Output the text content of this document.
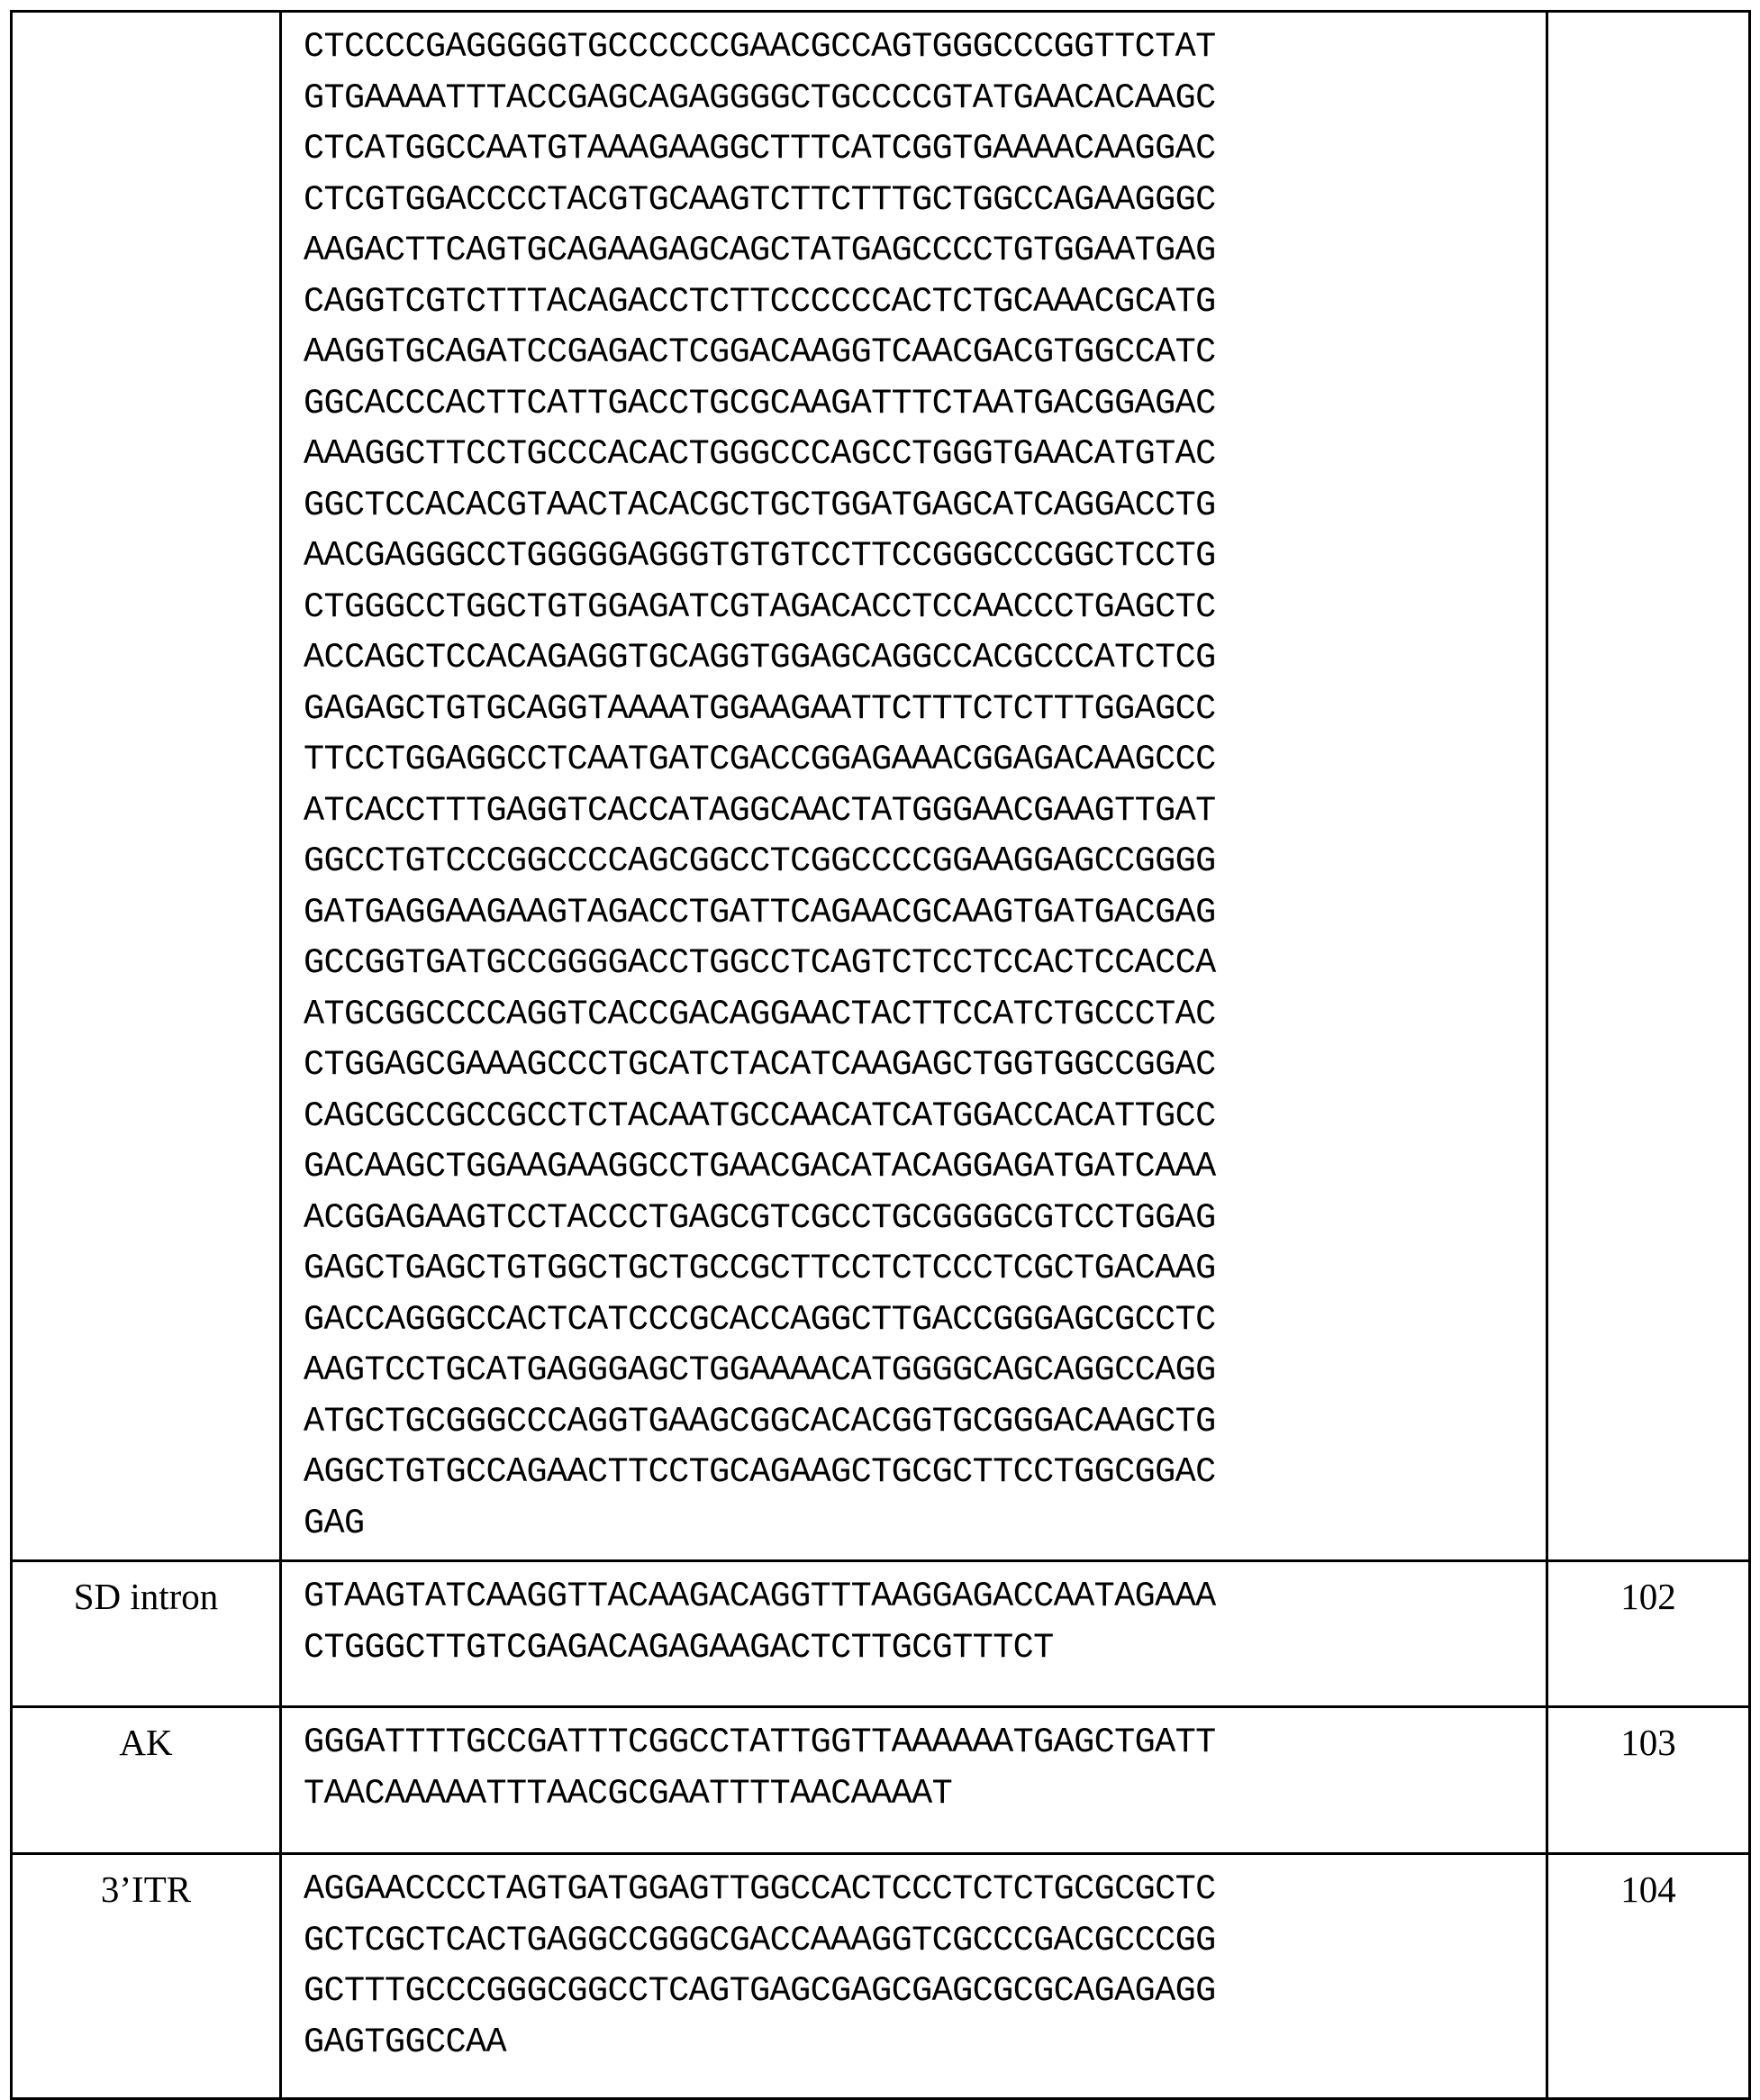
CTCCCCGAGGGGGTGCCCCCCGAACGCCAGTGGGCCCGGTTCTAT
GTGAAAATTTACCGAGCAGAGGGGCTGCCCCGTATGAACACAAGC
CTCATGGCCAATGTAAAGAAGGCTTTCATCGGTGAAAACAAGGAC
CTCGTGGACCCCTACGTGCAAGTCTTCTTTGCTGGCCAGAAGGGC
AAGACTTCAGTGCAGAAGAGCAGCTATGAGCCCCTGTGGAATGAG
CAGGTCGTCTTTACAGACCTCTTCCCCCCACTCTGCAAACGCATG
AAGGTGCAGATCCGAGACTCGGACAAGGTCAACGACGTGGCCATC
GGCACCCACTTCATTGACCTGCGCAAGATTTCTAATGACGGAGAC
AAAGGCTTCCTGCCCACACTGGGCCCAGCCTGGGTGAACATGTAC
GGCTCCACACGTAACTACACGCTGCTGGATGAGCATCAGGACCTG
AACGAGGGCCTGGGGGAGGGTGTGTCCTTCCGGGCCCGGCTCCTG
CTGGGCCTGGCTGTGGAGATCGTAGACACCTCCAACCCTGAGCTC
ACCAGCTCCACAGAGGTGCAGGTGGAGCAGGCCACGCCCATCTCG
GAGAGCTGTGCAGGTAAAATGGAAGAATTCTTTCTCTTTGGAGCC
TTCCTGGAGGCCTCAATGATCGACCGGAGAAACGGAGACAAGCCC
ATCACCTTTGAGGTCACCATAGGCAACTATGGGAACGAAGTTGAT
GGCCTGTCCCGGCCCCAGCGGCCTCGGCCCCGGAAGGAGCCGGGG
GATGAGGAAGAAGTAGACCTGATTCAGAACGCAAGTGATGACGAG
GCCGGTGATGCCGGGGACCTGGCCTCAGTCTCCTCCACTCCACCA
ATGCGGCCCCAGGTCACCGACAGGAACTACTTCCATCTGCCCTAC
CTGGAGCGAAAGCCCTGCATCTACATCAAGAGCTGGTGGCCGGAC
CAGCGCCGCCGCCTCTACAATGCCAACATCATGGACCACATTGCC
GACAAGCTGGAAGAAGGCCTGAACGACATACAGGAGATGATCAAA
ACGGAGAAGTCCTACCCTGAGCGTCGCCTGCGGGGCGTCCTGGAG
GAGCTGAGCTGTGGCTGCTGCCGCTTCCTCTCCCTCGCTGACAAG
GACCAGGGCCACTCATCCCGCACCAGGCTTGACCGGGAGCGCCTC
AAGTCCTGCATGAGGGAGCTGGAAAACATGGGGCAGCAGGCCAGG
ATGCTGCGGGCCCAGGTGAAGCGGCACACGGTGCGGGACAAGCTG
AGGCTGTGCCAGAACTTCCTGCAGAAGCTGCGCTTCCTGGCGGAC
GAG

SD intron	GTAAGTATCAAGGTTACAAGACAGGTTTAAGGAGACCAATAGAAA
CTGGGCTTGTCGAGACAGAGAAGACTCTTGCGTTTCT	102
AK	GGGATTTTGCCGATTTCGGCCTATTGGTTAAAAAATGAGCTGATT
TAACAAAAATTTAACGCGAATTTTAACAAAAT	103
3’ITR	AGGAACCCCTAGTGATGGAGTTGGCCACTCCCTCTCTGCGCGCTC
GCTCGCTCACTGAGGCCGGGCGACCAAAGGTCGCCCGACGCCCGG
GCTTTGCCCGGGCGGCCTCAGTGAGCGAGCGAGCGCGCAGAGAGG
GAGTGGCCAA	104
